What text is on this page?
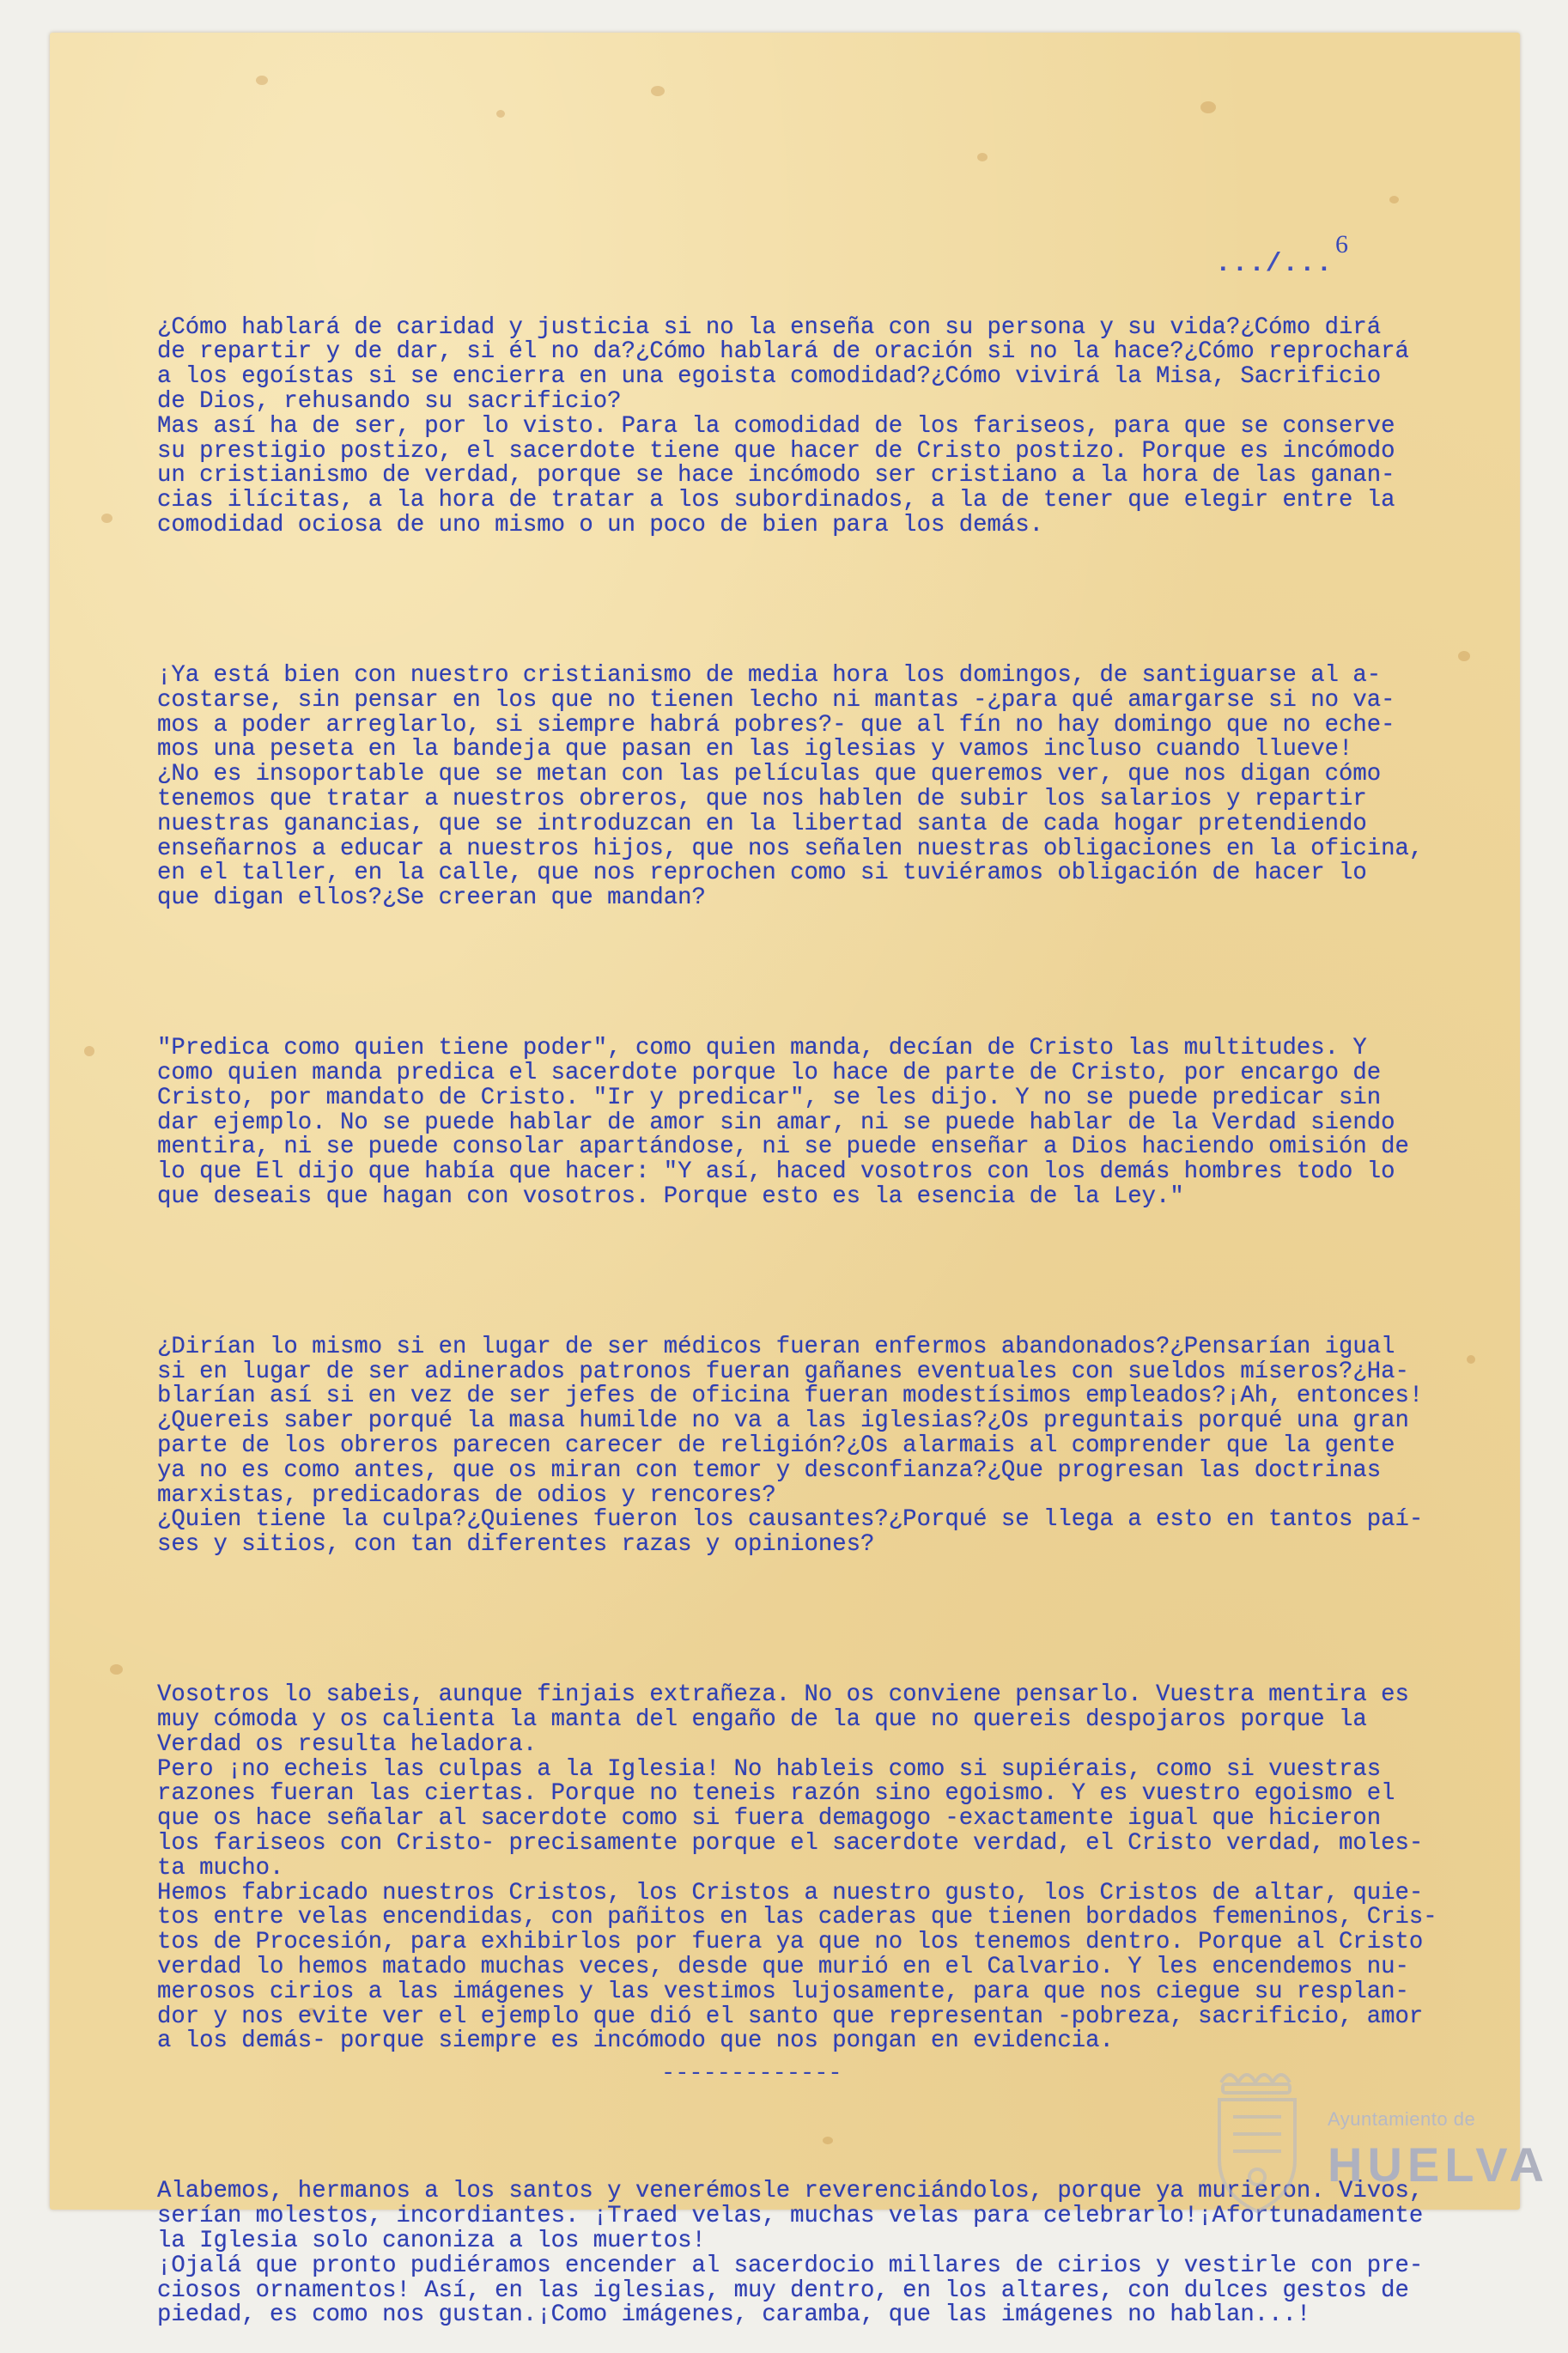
6
.../...

¿Cómo hablará de caridad y justicia si no la enseña con su persona y su vida?¿Cómo dirá
de repartir y de dar, si él no da?¿Cómo hablará de oración si no la hace?¿Cómo reprochará
a los egoístas si se encierra en una egoista comodidad?¿Cómo vivirá la Misa, Sacrificio
de Dios, rehusando su sacrificio?
Mas así ha de ser, por lo visto. Para la comodidad de los fariseos, para que se conserve
su prestigio postizo, el sacerdote tiene que hacer de Cristo postizo. Porque es incómodo
un cristianismo de verdad, porque se hace incómodo ser cristiano a la hora de las ganan-
cias ilícitas, a la hora de tratar a los subordinados, a la de tener que elegir entre la
comodidad ociosa de uno mismo o un poco de bien para los demás.

¡Ya está bien con nuestro cristianismo de media hora los domingos, de santiguarse al a-
costarse, sin pensar en los que no tienen lecho ni mantas -¿para qué amargarse si no va-
mos a poder arreglarlo, si siempre habrá pobres?- que al fín no hay domingo que no eche-
mos una peseta en la bandeja que pasan en las iglesias y vamos incluso cuando llueve!
¿No es insoportable que se metan con las películas que queremos ver, que nos digan cómo
tenemos que tratar a nuestros obreros, que nos hablen de subir los salarios y repartir
nuestras ganancias, que se introduzcan en la libertad santa de cada hogar pretendiendo
enseñarnos a educar a nuestros hijos, que nos señalen nuestras obligaciones en la oficina,
en el taller, en la calle, que nos reprochen como si tuviéramos obligación de hacer lo
que digan ellos?¿Se creeran que mandan?

"Predica como quien tiene poder", como quien manda, decían de Cristo las multitudes. Y
como quien manda predica el sacerdote porque lo hace de parte de Cristo, por encargo de
Cristo, por mandato de Cristo. "Ir y predicar", se les dijo. Y no se puede predicar sin
dar ejemplo. No se puede hablar de amor sin amar, ni se puede hablar de la Verdad siendo
mentira, ni se puede consolar apartándose, ni se puede enseñar a Dios haciendo omisión de
lo que El dijo que había que hacer: "Y así, haced vosotros con los demás hombres todo lo
que deseais que hagan con vosotros. Porque esto es la esencia de la Ley."

¿Dirían lo mismo si en lugar de ser médicos fueran enfermos abandonados?¿Pensarían igual
si en lugar de ser adinerados patronos fueran gañanes eventuales con sueldos míseros?¿Ha-
blarían así si en vez de ser jefes de oficina fueran modestísimos empleados?¡Ah, entonces!
¿Quereis saber porqué la masa humilde no va a las iglesias?¿Os preguntais porqué una gran
parte de los obreros parecen carecer de religión?¿Os alarmais al comprender que la gente
ya no es como antes, que os miran con temor y desconfianza?¿Que progresan las doctrinas
marxistas, predicadoras de odios y rencores?
¿Quien tiene la culpa?¿Quienes fueron los causantes?¿Porqué se llega a esto en tantos paí-
ses y sitios, con tan diferentes razas y opiniones?

Vosotros lo sabeis, aunque finjais extrañeza. No os conviene pensarlo. Vuestra mentira es
muy cómoda y os calienta la manta del engaño de la que no quereis despojaros porque la
Verdad os resulta heladora.
Pero ¡no echeis las culpas a la Iglesia! No hableis como si supiérais, como si vuestras
razones fueran las ciertas. Porque no teneis razón sino egoismo. Y es vuestro egoismo el
que os hace señalar al sacerdote como si fuera demagogo -exactamente igual que hicieron
los fariseos con Cristo- precisamente porque el sacerdote verdad, el Cristo verdad, moles-
ta mucho.
Hemos fabricado nuestros Cristos, los Cristos a nuestro gusto, los Cristos de altar, quie-
tos entre velas encendidas, con pañitos en las caderas que tienen bordados femeninos, Cris-
tos de Procesión, para exhibirlos por fuera ya que no los tenemos dentro. Porque al Cristo
verdad lo hemos matado muchas veces, desde que murió en el Calvario. Y les encendemos nu-
merosos cirios a las imágenes y las vestimos lujosamente, para que nos ciegue su resplan-
dor y nos evite ver el ejemplo que dió el santo que representan -pobreza, sacrificio, amor
a los demás- porque siempre es incómodo que nos pongan en evidencia.

Alabemos, hermanos a los santos y venerémosle reverenciándolos, porque ya murieron. Vivos,
serían molestos, incordiantes. ¡Traed velas, muchas velas para celebrarlo!¡Afortunadamente
la Iglesia solo canoniza a los muertos!
¡Ojalá que pronto pudiéramos encender al sacerdocio millares de cirios y vestirle con pre-
ciosos ornamentos! Así, en las iglesias, muy dentro, en los altares, con dulces gestos de
piedad, es como nos gustan.¡Como imágenes, caramba, que las imágenes no hablan...!

-------------
Ayuntamiento de
HUELVA
